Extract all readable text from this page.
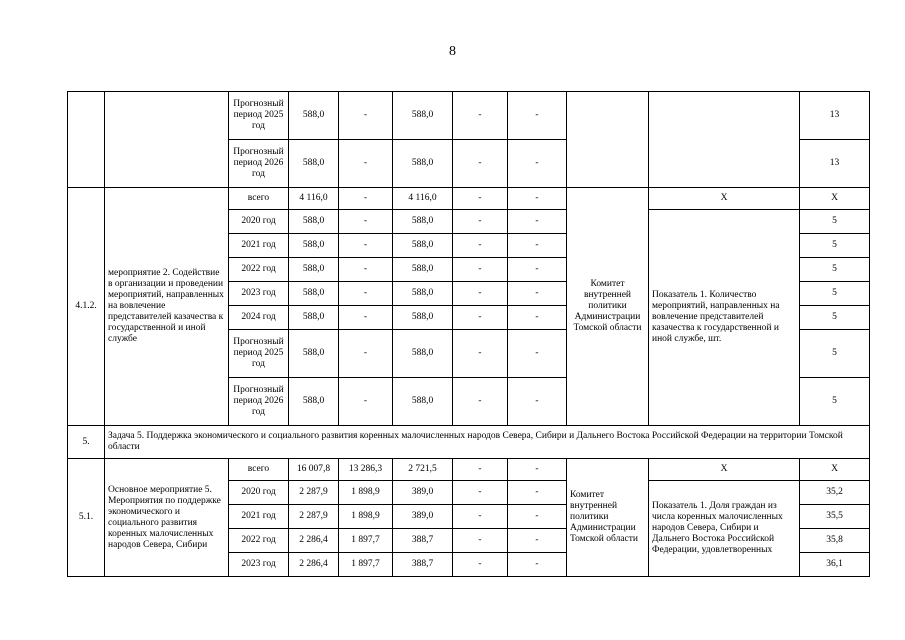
8
		Прогнозный период 2025 год	588,0	-	588,0	-	-			13
		Прогнозный период 2026 год	588,0	-	588,0	-	-			13
4.1.2.	мероприятие 2. Содействие в организации и проведении мероприятий, направленных на вовлечение представителей казачества к государственной и иной службе	всего	4 116,0	-	4 116,0	-	-	Комитет внутренней политики Администрации Томской области	Х	Х
		2020 год	588,0	-	588,0	-	-		Показатель 1. Количество мероприятий, направленных на вовлечение представителей казачества к государственной и иной службе, шт.	5
		2021 год	588,0	-	588,0	-	-			5
		2022 год	588,0	-	588,0	-	-			5
		2023 год	588,0	-	588,0	-	-			5
		2024 год	588,0	-	588,0	-	-			5
		Прогнозный период 2025 год	588,0	-	588,0	-	-			5
		Прогнозный период 2026 год	588,0	-	588,0	-	-			5
5.	Задача 5. Поддержка экономического и социального развития коренных малочисленных народов Севера, Сибири и Дальнего Востока Российской Федерации на территории Томской области									
5.1.	Основное мероприятие 5. Мероприятия по поддержке экономического и социального развития коренных малочисленных народов Севера, Сибири	всего	16 007,8	13 286,3	2 721,5	-	-	Комитет внутренней политики Администрации Томской области	Х	Х
		2020 год	2 287,9	1 898,9	389,0	-	-		Показатель 1. Доля граждан из числа коренных малочисленных народов Севера, Сибири и Дальнего Востока Российской Федерации, удовлетворенных	35,2
		2021 год	2 287,9	1 898,9	389,0	-	-			35,5
		2022 год	2 286,4	1 897,7	388,7	-	-			35,8
		2023 год	2 286,4	1 897,7	388,7	-	-			36,1
